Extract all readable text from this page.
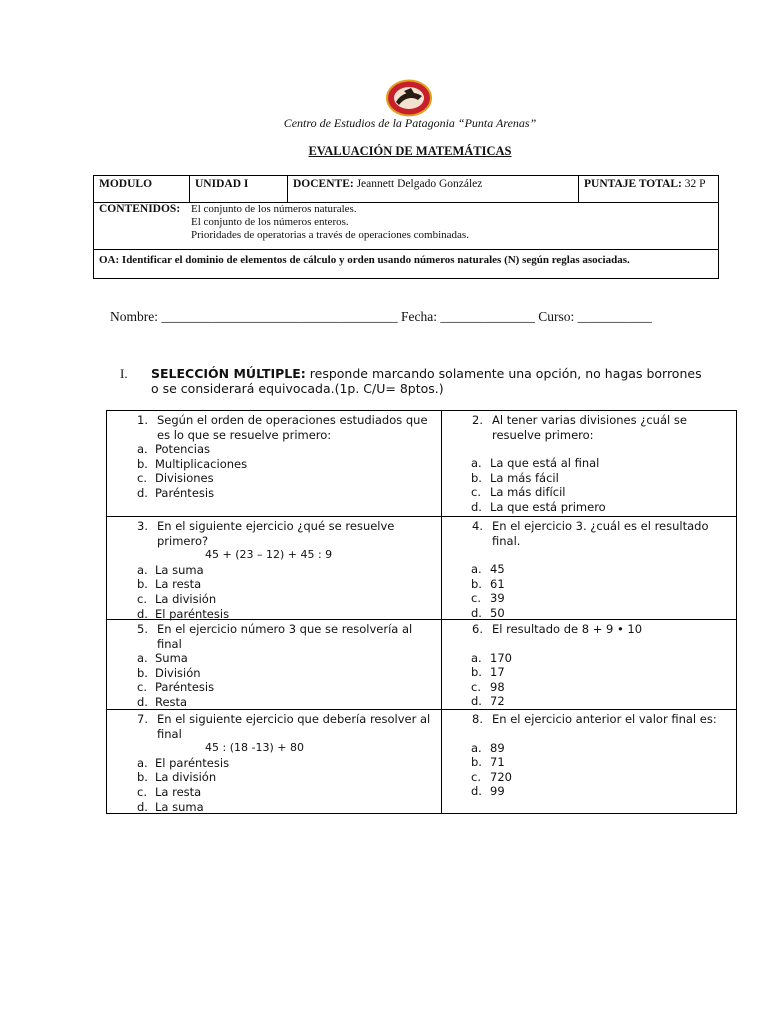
Centro de Estudios de la Patagonia “Punta Arenas”
EVALUACIÓN DE MATEMÁTICAS
MODULO	UNIDAD I	DOCENTE: Jeannett Delgado González	PUNTAJE TOTAL: 32 P
CONTENIDOS: El conjunto de los números naturales.
El conjunto de los números enteros.
Prioridades de operatorias a través de operaciones combinadas.
OA: Identificar el dominio de elementos de cálculo y orden usando números naturales (N) según reglas asociadas.
Nombre: ___________________________________ Fecha: ______________ Curso: ___________
I. SELECCIÓN MÚLTIPLE: responde marcando solamente una opción, no hagas borrones o se considerará equivocada.(1p. C/U= 8ptos.)
1. Según el orden de operaciones estudiados que es lo que se resuelve primero:
a. Potencias
b. Multiplicaciones
c. Divisiones
d. Paréntesis
2. Al tener varias divisiones ¿cuál se resuelve primero:
a. La que está al final
b. La más fácil
c. La más difícil
d. La que está primero
3. En el siguiente ejercicio ¿qué se resuelve primero?
45 + (23 – 12) + 45 : 9
a. La suma
b. La resta
c. La división
d. El paréntesis
4. En el ejercicio 3. ¿cuál es el resultado final.
a. 45
b. 61
c. 39
d. 50
5. En el ejercicio número 3 que se resolvería al final
a. Suma
b. División
c. Paréntesis
d. Resta
6. El resultado de 8 + 9 • 10
a. 170
b. 17
c. 98
d. 72
7. En el siguiente ejercicio que debería resolver al final
45 : (18 -13) + 80
a. El paréntesis
b. La división
c. La resta
d. La suma
8. En el ejercicio anterior el valor final es:
a. 89
b. 71
c. 720
d. 99
